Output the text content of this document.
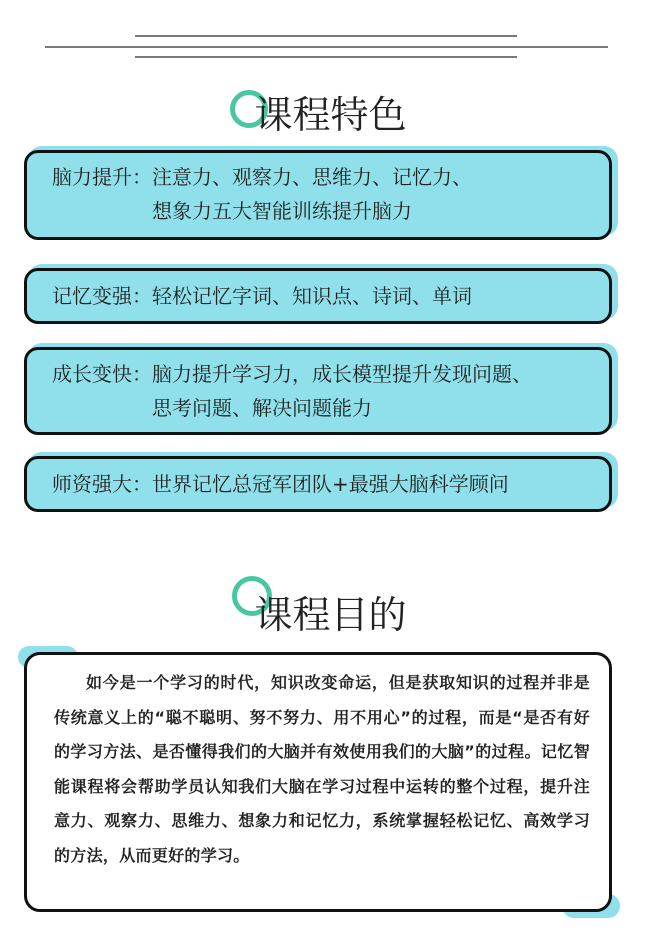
课程特色
脑力提升： 注意力、观察力、思维力、记忆力、
想象力五大智能训练提升脑力
记忆变强： 轻松记忆字词、知识点、诗词、单词
成长变快： 脑力提升学习力，成长模型提升发现问题、
思考问题、解决问题能力
师资强大： 世界记忆总冠军团队+最强大脑科学顾问
课程目的
如今是一个学习的时代，知识改变命运，但是获取知识的过程并非是传统意义上的“聪不聪明、努不努力、用不用心”的过程，而是“是否有好的学习方法、是否懂得我们的大脑并有效使用我们的大脑”的过程。记忆智能课程将会帮助学员认知我们大脑在学习过程中运转的整个过程，提升注意力、观察力、思维力、想象力和记忆力，系统掌握轻松记忆、高效学习的方法，从而更好的学习。
